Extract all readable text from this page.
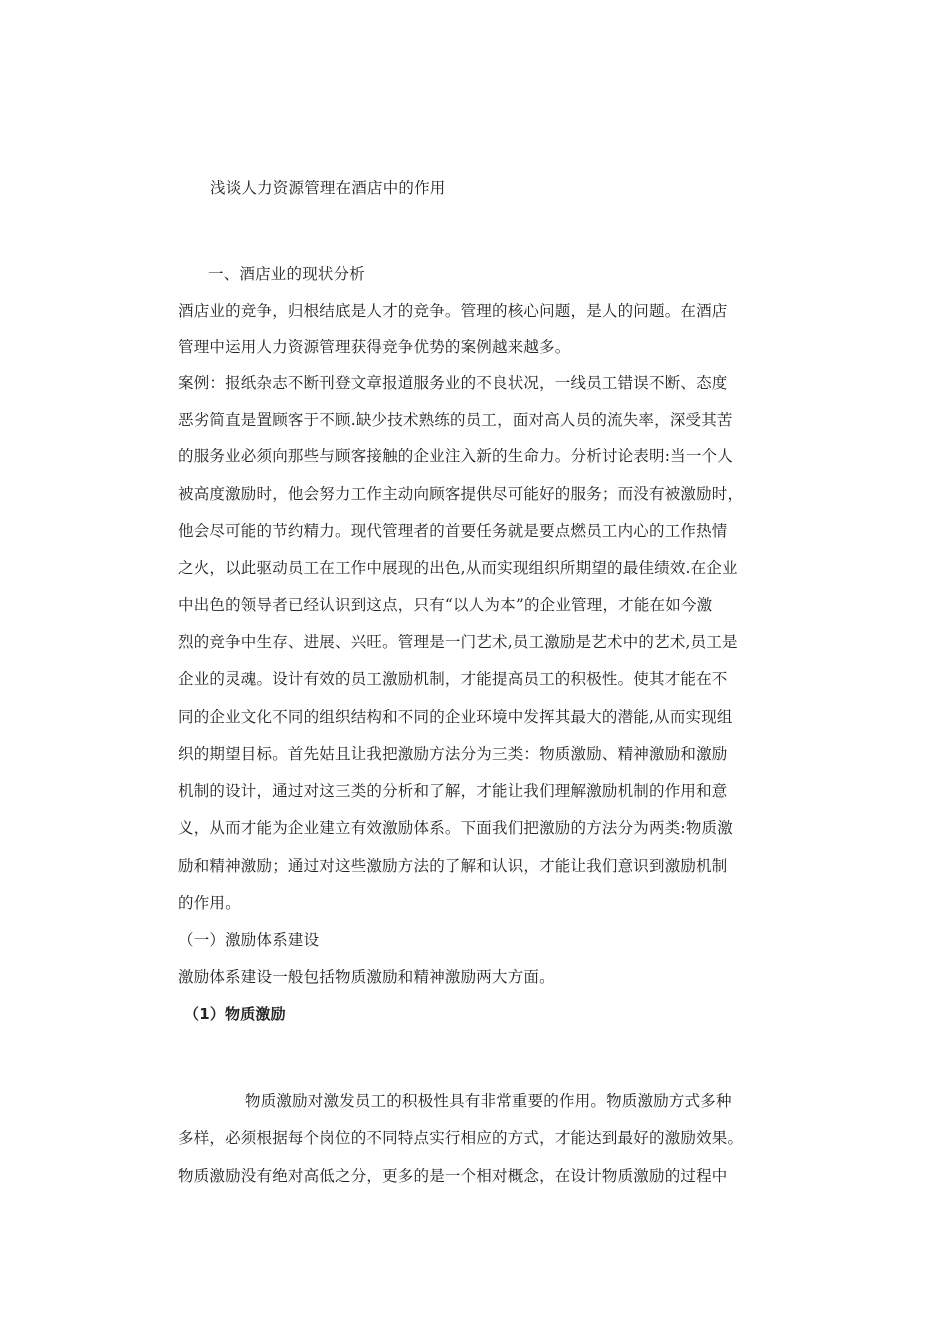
浅谈人力资源管理在酒店中的作用
一、酒店业的现状分析
酒店业的竞争，归根结底是人才的竞争。管理的核心问题，是人的问题。在酒店
管理中运用人力资源管理获得竞争优势的案例越来越多。
案例：报纸杂志不断刊登文章报道服务业的不良状况，一线员工错误不断、态度
恶劣简直是置顾客于不顾.缺少技术熟练的员工，面对高人员的流失率，深受其苦
的服务业必须向那些与顾客接触的企业注入新的生命力。分析讨论表明:当一个人
被高度激励时，他会努力工作主动向顾客提供尽可能好的服务；而没有被激励时，
他会尽可能的节约精力。现代管理者的首要任务就是要点燃员工内心的工作热情
之火，以此驱动员工在工作中展现的出色,从而实现组织所期望的最佳绩效.在企业
中出色的领导者已经认识到这点，只有“以人为本”的企业管理，才能在如今激
烈的竞争中生存、进展、兴旺。管理是一门艺术,员工激励是艺术中的艺术,员工是
企业的灵魂。设计有效的员工激励机制，才能提高员工的积极性。使其才能在不
同的企业文化不同的组织结构和不同的企业环境中发挥其最大的潜能,从而实现组
织的期望目标。首先姑且让我把激励方法分为三类：物质激励、精神激励和激励
机制的设计，通过对这三类的分析和了解，才能让我们理解激励机制的作用和意
义，从而才能为企业建立有效激励体系。下面我们把激励的方法分为两类:物质激
励和精神激励；通过对这些激励方法的了解和认识，才能让我们意识到激励机制
的作用。
（一）激励体系建设
激励体系建设一般包括物质激励和精神激励两大方面。
（1）物质激励
物质激励对激发员工的积极性具有非常重要的作用。物质激励方式多种
多样，必须根据每个岗位的不同特点实行相应的方式，才能达到最好的激励效果。
物质激励没有绝对高低之分，更多的是一个相对概念，在设计物质激励的过程中
